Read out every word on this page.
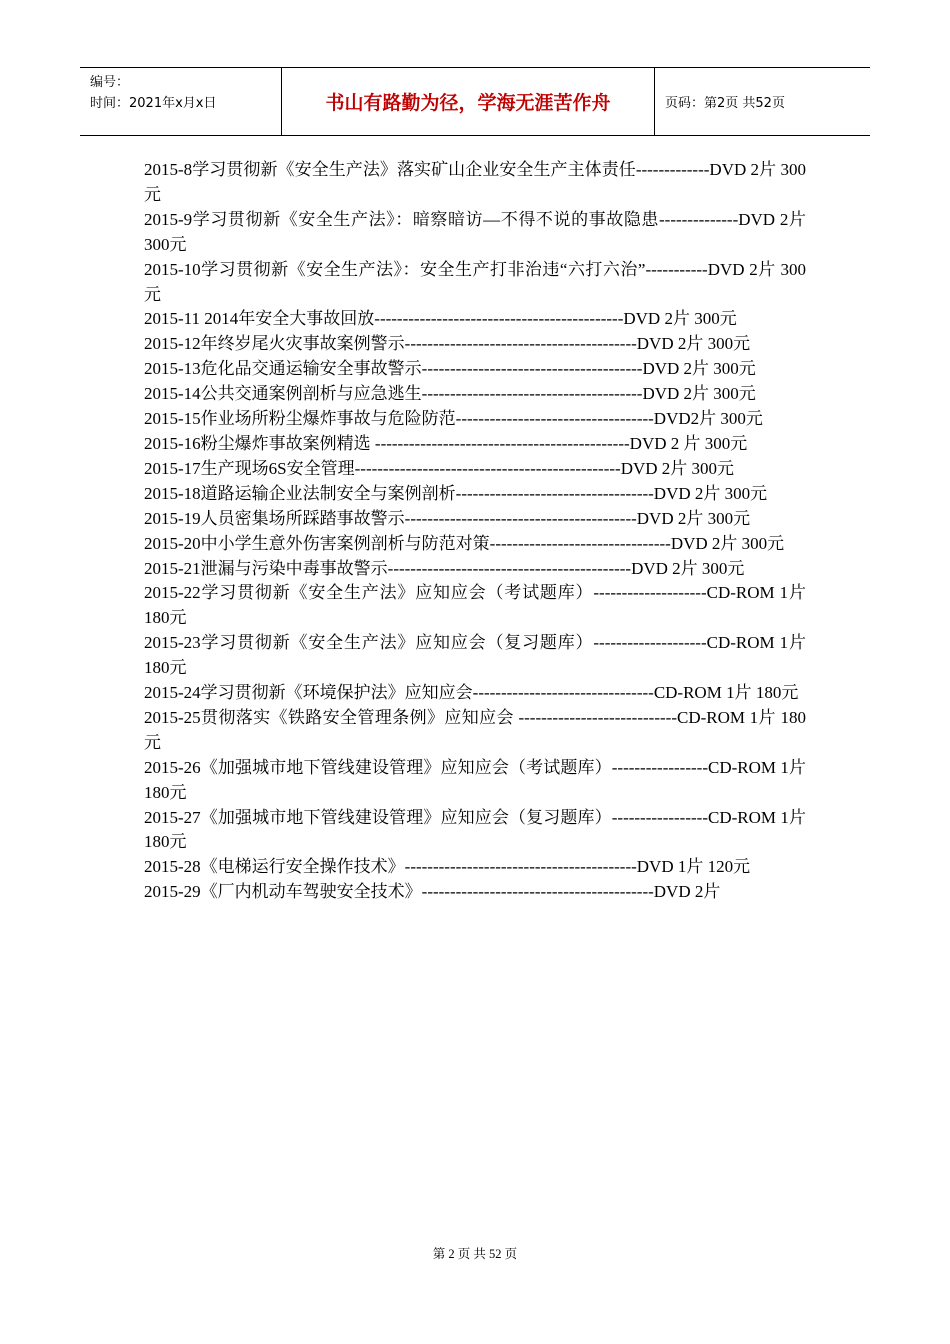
编号：
时间：2021年x月x日	书山有路勤为径，学海无涯苦作舟	页码：第2页 共52页
2015-8学习贯彻新《安全生产法》落实矿山企业安全生产主体责任-------------DVD 2片 300元
2015-9学习贯彻新《安全生产法》：暗察暗访—不得不说的事故隐患--------------DVD 2片300元
2015-10学习贯彻新《安全生产法》：安全生产打非治违“六打六治”-----------DVD 2片 300元
2015-11 2014年安全大事故回放--------------------------------------------DVD 2片 300元
2015-12年终岁尾火灾事故案例警示-----------------------------------------DVD 2片 300元
2015-13危化品交通运输安全事故警示---------------------------------------DVD 2片 300元
2015-14公共交通案例剖析与应急逃生---------------------------------------DVD 2片 300元
2015-15作业场所粉尘爆炸事故与危险防范-----------------------------------DVD2片 300元
2015-16粉尘爆炸事故案例精选 ---------------------------------------------DVD 2 片 300元
2015-17生产现场6S安全管理-----------------------------------------------DVD 2片 300元
2015-18道路运输企业法制安全与案例剖析-----------------------------------DVD 2片 300元
2015-19人员密集场所踩踏事故警示-----------------------------------------DVD 2片 300元
2015-20中小学生意外伤害案例剖析与防范对策--------------------------------DVD 2片 300元
2015-21泄漏与污染中毒事故警示-------------------------------------------DVD 2片 300元
2015-22学习贯彻新《安全生产法》应知应会（考试题库）--------------------CD-ROM 1片 180元
2015-23学习贯彻新《安全生产法》应知应会（复习题库）--------------------CD-ROM 1片 180元
2015-24学习贯彻新《环境保护法》应知应会--------------------------------CD-ROM 1片 180元
2015-25贯彻落实《铁路安全管理条例》应知应会 ----------------------------CD-ROM 1片 180元
2015-26《加强城市地下管线建设管理》应知应会（考试题库）-----------------CD-ROM 1片 180元
2015-27《加强城市地下管线建设管理》应知应会（复习题库）-----------------CD-ROM 1片 180元
2015-28《电梯运行安全操作技术》-----------------------------------------DVD 1片 120元
2015-29《厂内机动车驾驶安全技术》-----------------------------------------DVD 2片
第 2 页 共 52 页
